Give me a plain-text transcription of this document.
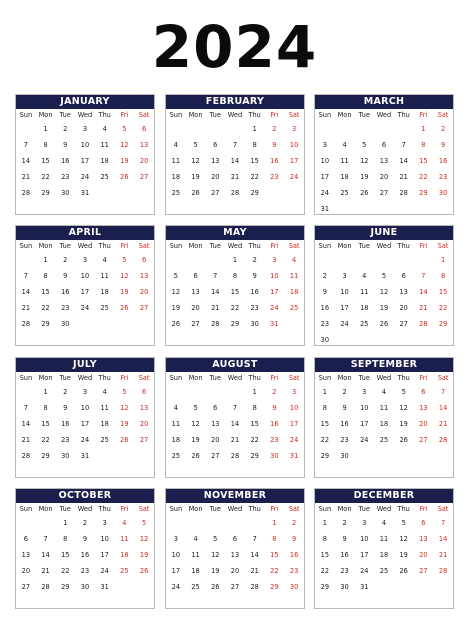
2024
JANUARY
Sun	Mon	Tue	Wed	Thu	Fri	Sat
	1	2	3	4	5	6
7	8	9	10	11	12	13
14	15	16	17	18	19	20
21	22	23	24	25	26	27
28	29	30	31			
FEBRUARY
Sun	Mon	Tue	Wed	Thu	Fri	Sat
				1	2	3
4	5	6	7	8	9	10
11	12	13	14	15	16	17
18	19	20	21	22	23	24
25	26	27	28	29		
MARCH
Sun	Mon	Tue	Wed	Thu	Fri	Sat
					1	2
3	4	5	6	7	8	9
10	11	12	13	14	15	16
17	18	19	20	21	22	23
24	25	26	27	28	29	30
31						
APRIL
Sun	Mon	Tue	Wed	Thu	Fri	Sat
	1	2	3	4	5	6
7	8	9	10	11	12	13
14	15	16	17	18	19	20
21	22	23	24	25	26	27
28	29	30				
MAY
Sun	Mon	Tue	Wed	Thu	Fri	Sat
			1	2	3	4
5	6	7	8	9	10	11
12	13	14	15	16	17	18
19	20	21	22	23	24	25
26	27	28	29	30	31	
JUNE
Sun	Mon	Tue	Wed	Thu	Fri	Sat
						1
2	3	4	5	6	7	8
9	10	11	12	13	14	15
16	17	18	19	20	21	22
23	24	25	26	27	28	29
30						
JULY
Sun	Mon	Tue	Wed	Thu	Fri	Sat
	1	2	3	4	5	6
7	8	9	10	11	12	13
14	15	16	17	18	19	20
21	22	23	24	25	26	27
28	29	30	31			
AUGUST
Sun	Mon	Tue	Wed	Thu	Fri	Sat
				1	2	3
4	5	6	7	8	9	10
11	12	13	14	15	16	17
18	19	20	21	22	23	24
25	26	27	28	29	30	31
SEPTEMBER
Sun	Mon	Tue	Wed	Thu	Fri	Sat
1	2	3	4	5	6	7
8	9	10	11	12	13	14
15	16	17	18	19	20	21
22	23	24	25	26	27	28
29	30					
OCTOBER
Sun	Mon	Tue	Wed	Thu	Fri	Sat
		1	2	3	4	5
6	7	8	9	10	11	12
13	14	15	16	17	18	19
20	21	22	23	24	25	26
27	28	29	30	31		
NOVEMBER
Sun	Mon	Tue	Wed	Thu	Fri	Sat
					1	2
3	4	5	6	7	8	9
10	11	12	13	14	15	16
17	18	19	20	21	22	23
24	25	26	27	28	29	30
DECEMBER
Sun	Mon	Tue	Wed	Thu	Fri	Sat
1	2	3	4	5	6	7
8	9	10	11	12	13	14
15	16	17	18	19	20	21
22	23	24	25	26	27	28
29	30	31				
